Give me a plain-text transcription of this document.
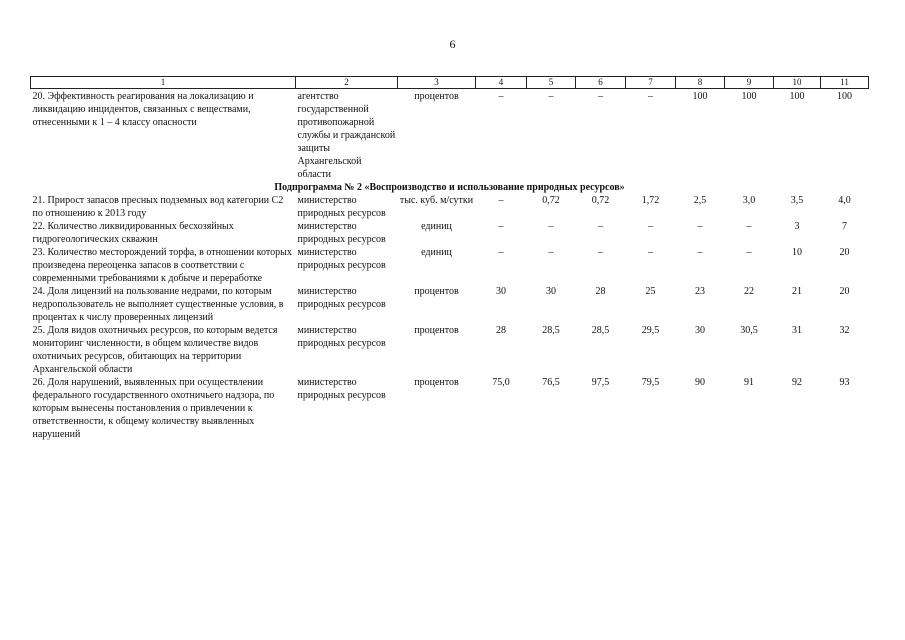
6
1	2	3	4	5	6	7	8	9	10	11
20. Эффективность реагирования на локализацию и ликвидацию инцидентов, связанных с веществами, отнесенными к 1 – 4 классу опасности	агентство государственной противопожарной службы и гражданской защиты Архангельской области	процентов	–	–	–	–	100	100	100	100
Подпрограмма № 2 «Воспроизводство и использование природных ресурсов»										
21. Прирост запасов пресных подземных вод категории С2 по отношению к 2013 году	министерство природных ресурсов	тыс. куб. м/сутки	–	0,72	0,72	1,72	2,5	3,0	3,5	4,0
22. Количество ликвидированных бесхозяйных гидрогеологических скважин	министерство природных ресурсов	единиц	–	–	–	–	–	–	3	7
23. Количество месторождений торфа, в отношении которых произведена переоценка запасов в соответствии с современными требованиями к добыче и переработке	министерство природных ресурсов	единиц	–	–	–	–	–	–	10	20
24. Доля лицензий на пользование недрами, по которым недропользователь не выполняет существенные условия, в процентах к числу проверенных лицензий	министерство природных ресурсов	процентов	30	30	28	25	23	22	21	20
25. Доля видов охотничьих ресурсов, по которым ведется мониторинг численности, в общем количестве видов охотничьих ресурсов, обитающих на территории Архангельской области	министерство природных ресурсов	процентов	28	28,5	28,5	29,5	30	30,5	31	32
26. Доля нарушений, выявленных при осуществлении федерального государственного охотничьего надзора, по которым вынесены постановления о привлечении к ответственности, к общему количеству выявленных нарушений	министерство природных ресурсов	процентов	75,0	76,5	97,5	79,5	90	91	92	93
